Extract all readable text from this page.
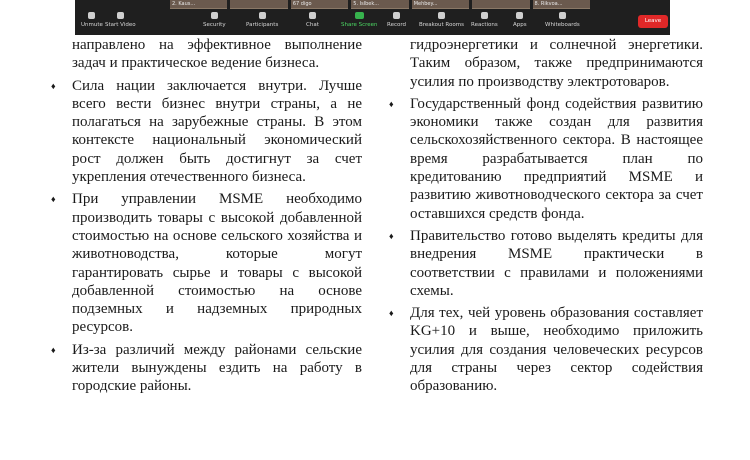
2. Kaus...	67 digo	5. Islbek...	Mehbey...	8. Rikvoa...
Unmute Start Video	Security	Participants	Chat	Share Screen Record Breakout Rooms Reactions	Apps	Whiteboards
Leave

направлено на эффективное выполнение задач и практическое ведение бизнеса.

♦ Сила нации заключается внутри. Лучше всего вести бизнес внутри страны, а не полагаться на зарубежные страны. В этом контексте национальный экономический рост должен быть достигнут за счет укрепления отечественного бизнеса.
♦ При управлении MSME необходимо производить товары с высокой добавленной стоимостью на основе сельского хозяйства и животноводства, которые могут гарантировать сырье и товары с высокой добавленной стоимостью на основе подземных и надземных природных ресурсов.
♦ Из-за различий между районами сельские жители вынуждены ездить на работу в городские районы.

гидроэнергетики и солнечной энергетики. Таким образом, также предпринимаются усилия по производству электротоваров.

♦ Государственный фонд содействия развитию экономики также создан для развития сельскохозяйственного сектора. В настоящее время разрабатывается план по кредитованию предприятий MSME и развитию животноводческого сектора за счет оставшихся средств фонда.
♦ Правительство готово выделять кредиты для внедрения MSME практически в соответствии с правилами и положениями схемы.
♦ Для тех, чей уровень образования составляет KG+10 и выше, необходимо приложить усилия для создания человеческих ресурсов для страны через сектор содействия образованию.
